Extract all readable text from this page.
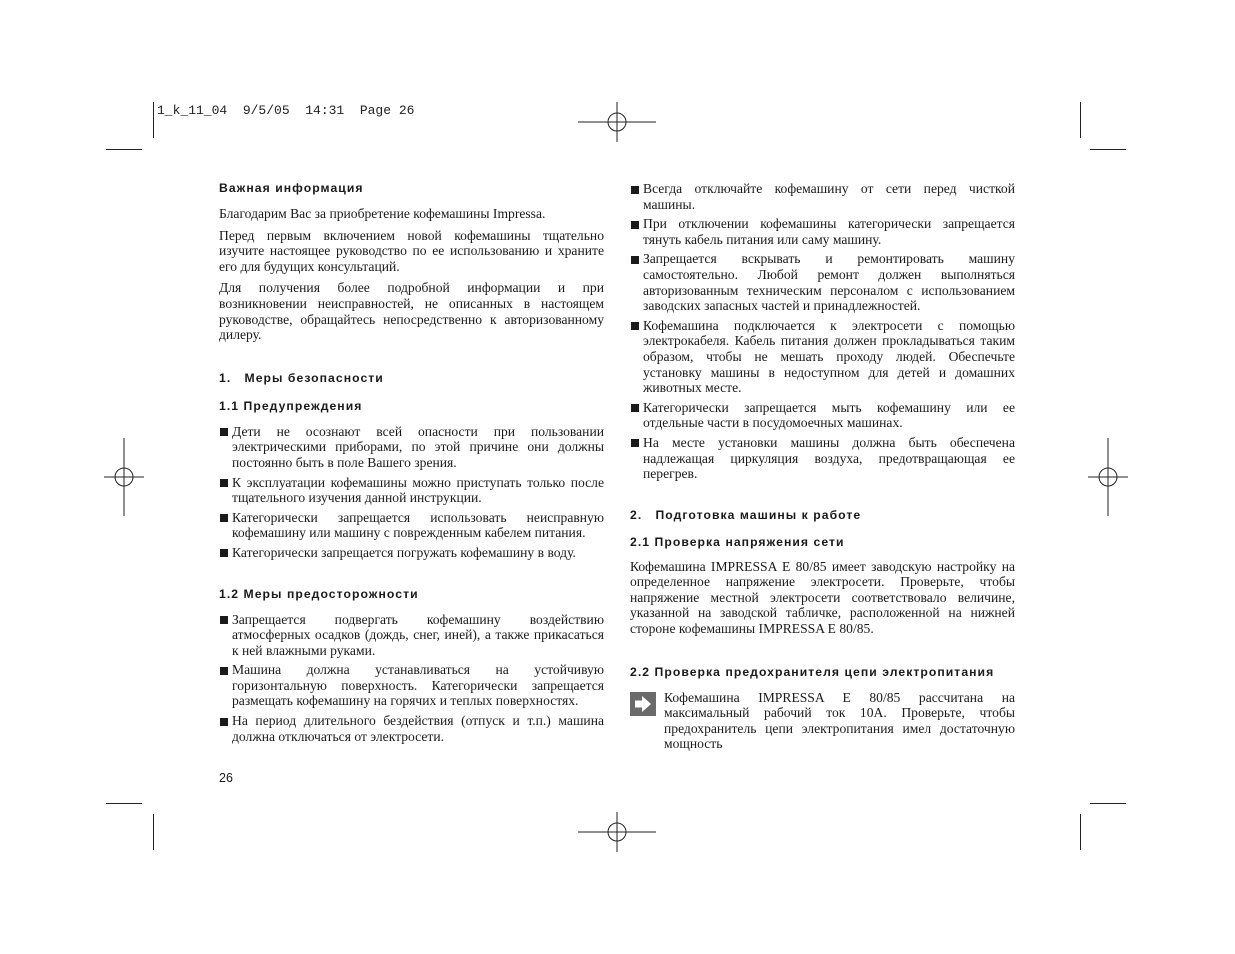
1_k_11_04  9/5/05  14:31  Page 26
Важная информация

Благодарим Вас за приобретение кофемашины Impressa.

Перед первым включением новой кофемашины тщательно изучите настоящее руководство по ее использованию и храните его для будущих консультаций.

Для получения более подробной информации и при возникновении неисправностей, не описанных в настоящем руководстве, обращайтесь непосредственно к авторизованному дилеру.

1. Меры безопасности
1.1 Предупреждения
Дети не осознают всей опасности при пользовании электрическими приборами, по этой причине они должны постоянно быть в поле Вашего зрения.
К эксплуатации кофемашины можно приступать только после тщательного изучения данной инструкции.
Категорически запрещается использовать неисправную кофемашину или машину с поврежденным кабелем питания.
Категорически запрещается погружать кофемашину в воду.
1.2 Меры предосторожности
Запрещается подвергать кофемашину воздействию атмосферных осадков (дождь, снег, иней), а также прикасаться к ней влажными руками.
Машина должна устанавливаться на устойчивую горизонтальную поверхность. Категорически запрещается размещать кофемашину на горячих и теплых поверхностях.
На период длительного бездействия (отпуск и т.п.) машина должна отключаться от электросети.
Всегда отключайте кофемашину от сети перед чисткой машины.
При отключении кофемашины категорически запрещается тянуть кабель питания или саму машину.
Запрещается вскрывать и ремонтировать машину самостоятельно. Любой ремонт должен выполняться авторизованным техническим персоналом с использованием заводских запасных частей и принадлежностей.
Кофемашина подключается к электросети с помощью электрокабеля. Кабель питания должен прокладываться таким образом, чтобы не мешать проходу людей. Обеспечьте установку машины в недоступном для детей и домашних животных месте.
Категорически запрещается мыть кофемашину или ее отдельные части в посудомоечных машинах.
На месте установки машины должна быть обеспечена надлежащая циркуляция воздуха, предотвращающая ее перегрев.
2. Подготовка машины к работе
2.1 Проверка напряжения сети

Кофемашина IMPRESSA E 80/85 имеет заводскую настройку на определенное напряжение электросети. Проверьте, чтобы напряжение местной электросети соответствовало величине, указанной на заводской табличке, расположенной на нижней стороне кофемашины IMPRESSA E 80/85.

2.2 Проверка предохранителя цепи электропитания

Кофемашина IMPRESSA E 80/85 рассчитана на максимальный рабочий ток 10A. Проверьте, чтобы предохранитель цепи электропитания имел достаточную мощность

26
